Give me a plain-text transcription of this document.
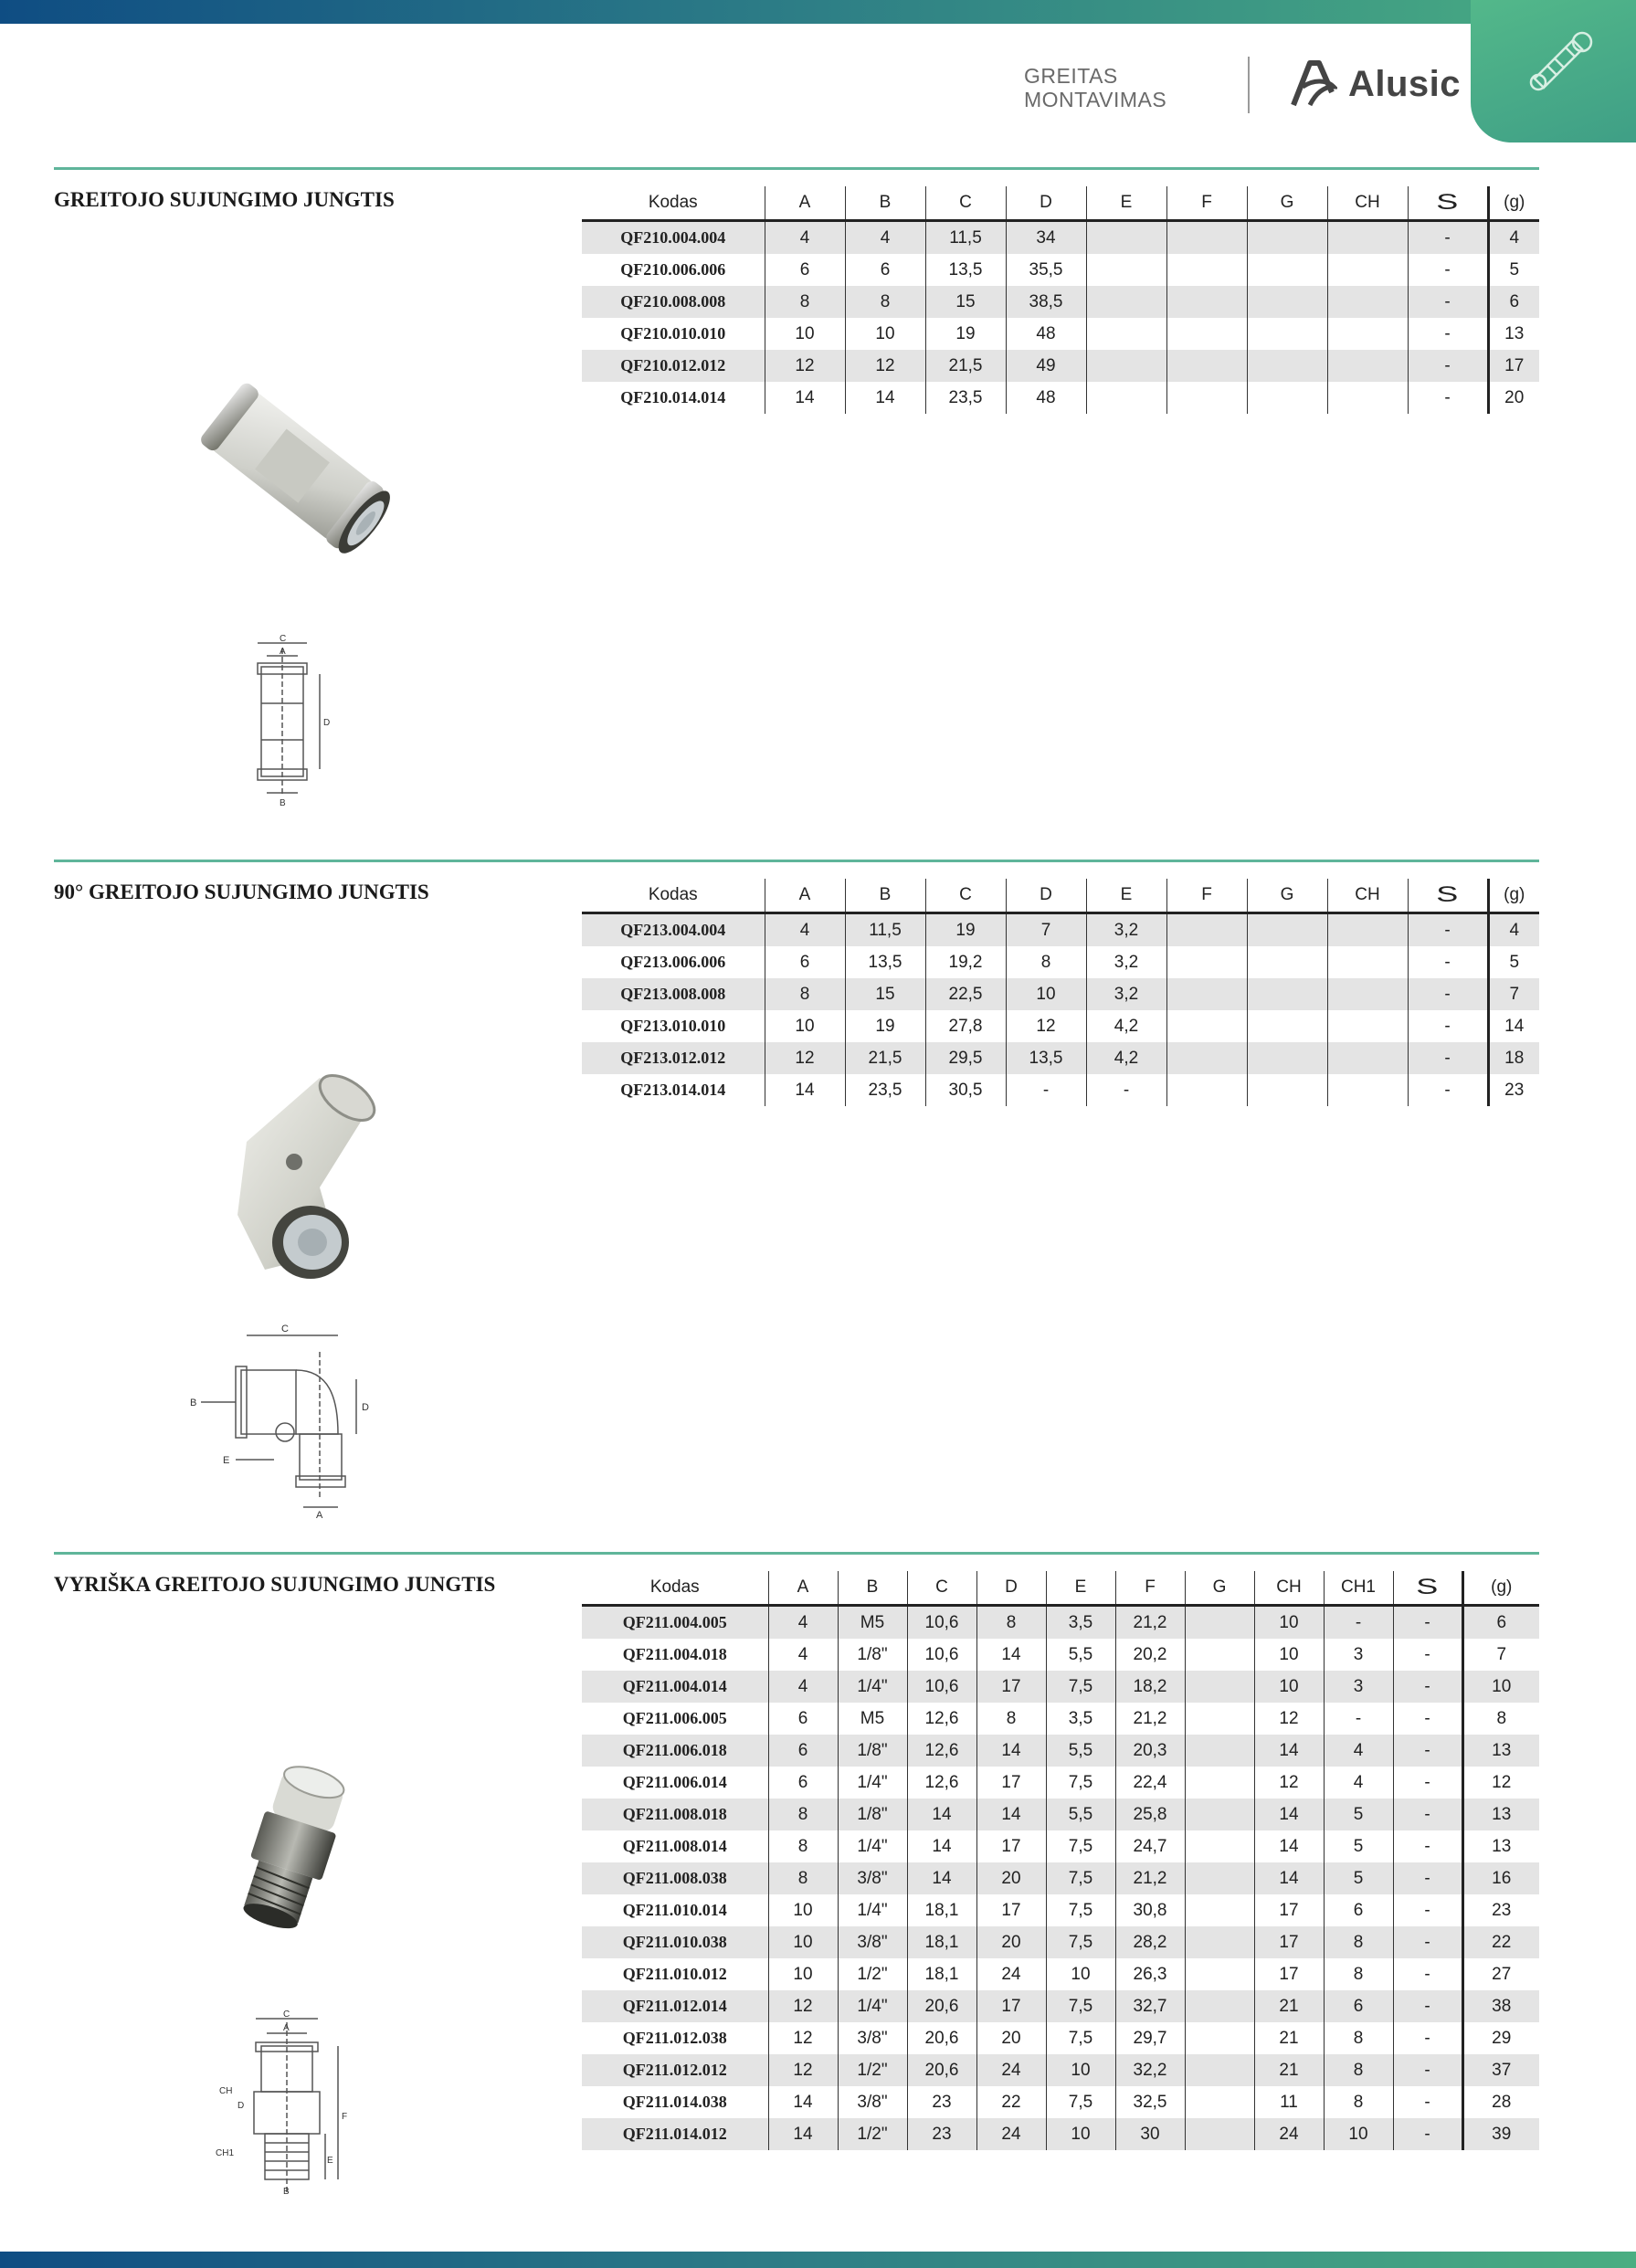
GREITAS
MONTAVIMAS	Alusic
GREITOJO SUJUNGIMO JUNGTIS	Kodas	A	B	C	D	E	F	G	CH	S	(g)
QF210.004.004	4	4	11,5	34					-	4
QF210.006.006	6	6	13,5	35,5					-	5
QF210.008.008	8	8	15	38,5					-	6
QF210.010.010	10	10	19	48					-	13
QF210.012.012	12	12	21,5	49					-	17
QF210.014.014	14	14	23,5	48					-	20
C
A
D
B
90° GREITOJO SUJUNGIMO JUNGTIS	Kodas	A	B	C	D	E	F	G	CH	S	(g)
QF213.004.004	4	11,5	19	7	3,2				-	4
QF213.006.006	6	13,5	19,2	8	3,2				-	5
QF213.008.008	8	15	22,5	10	3,2				-	7
QF213.010.010	10	19	27,8	12	4,2				-	14
QF213.012.012	12	21,5	29,5	13,5	4,2				-	18
QF213.014.014	14	23,5	30,5	-	-				-	23
C
B	D
E
A
VYRIŠKA GREITOJO SUJUNGIMO JUNGTIS	Kodas	A	B	C	D	E	F	G	CH	CH1	S	(g)
QF211.004.005	4	M5	10,6	8	3,5	21,2		10	-	-	6
QF211.004.018	4	1/8"	10,6	14	5,5	20,2		10	3	-	7
QF211.004.014	4	1/4"	10,6	17	7,5	18,2		10	3	-	10
QF211.006.005	6	M5	12,6	8	3,5	21,2		12	-	-	8
QF211.006.018	6	1/8"	12,6	14	5,5	20,3		14	4	-	13
QF211.006.014	6	1/4"	12,6	17	7,5	22,4		12	4	-	12
QF211.008.018	8	1/8"	14	14	5,5	25,8		14	5	-	13
QF211.008.014	8	1/4"	14	17	7,5	24,7		14	5	-	13
QF211.008.038	8	3/8"	14	20	7,5	21,2		14	5	-	16
QF211.010.014	10	1/4"	18,1	17	7,5	30,8		17	6	-	23
QF211.010.038	10	3/8"	18,1	20	7,5	28,2		17	8	-	22
QF211.010.012	10	1/2"	18,1	24	10	26,3		17	8	-	27
QF211.012.014	12	1/4"	20,6	17	7,5	32,7		21	6	-	38
QF211.012.038	12	3/8"	20,6	20	7,5	29,7		21	8	-	29
QF211.012.012	12	1/2"	20,6	24	10	32,2		21	8	-	37
QF211.014.038	14	3/8"	23	22	7,5	32,5		11	8	-	28
QF211.014.012	14	1/2"	23	24	10	30		24	10	-	39
C
A
CH
D
CH1
B
E
F
